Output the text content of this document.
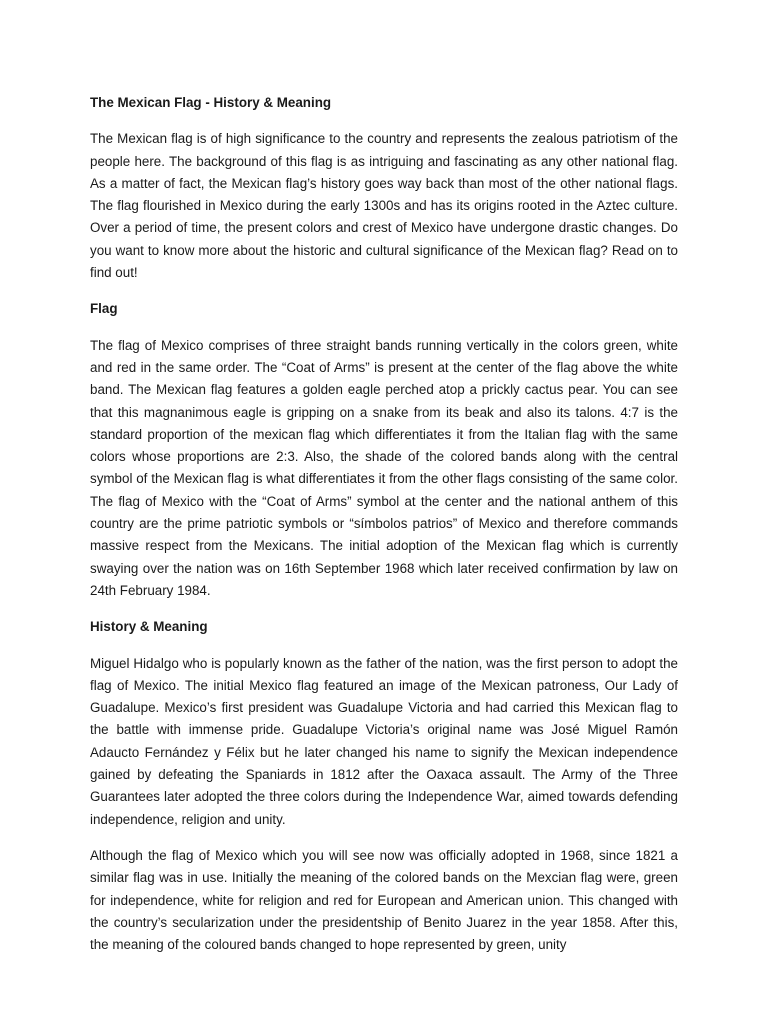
The Mexican Flag - History & Meaning

The Mexican flag is of high significance to the country and represents the zealous patriotism of the people here. The background of this flag is as intriguing and fascinating as any other national flag. As a matter of fact, the Mexican flag’s history goes way back than most of the other national flags. The flag flourished in Mexico during the early 1300s and has its origins rooted in the Aztec culture. Over a period of time, the present colors and crest of Mexico have undergone drastic changes. Do you want to know more about the historic and cultural significance of the Mexican flag? Read on to find out!

Flag

The flag of Mexico comprises of three straight bands running vertically in the colors green, white and red in the same order. The “Coat of Arms” is present at the center of the flag above the white band. The Mexican flag features a golden eagle perched atop a prickly cactus pear. You can see that this magnanimous eagle is gripping on a snake from its beak and also its talons. 4:7 is the standard proportion of the mexican flag which differentiates it from the Italian flag with the same colors whose proportions are 2:3. Also, the shade of the colored bands along with the central symbol of the Mexican flag is what differentiates it from the other flags consisting of the same color. The flag of Mexico with the “Coat of Arms” symbol at the center and the national anthem of this country are the prime patriotic symbols or “símbolos patrios” of Mexico and therefore commands massive respect from the Mexicans. The initial adoption of the Mexican flag which is currently swaying over the nation was on 16th September 1968 which later received confirmation by law on 24th February 1984.

History & Meaning

Miguel Hidalgo who is popularly known as the father of the nation, was the first person to adopt the flag of Mexico. The initial Mexico flag featured an image of the Mexican patroness, Our Lady of Guadalupe. Mexico’s first president was Guadalupe Victoria and had carried this Mexican flag to the battle with immense pride. Guadalupe Victoria’s original name was José Miguel Ramón Adaucto Fernández y Félix but he later changed his name to signify the Mexican independence gained by defeating the Spaniards in 1812 after the Oaxaca assault. The Army of the Three Guarantees later adopted the three colors during the Independence War, aimed towards defending independence, religion and unity.

Although the flag of Mexico which you will see now was officially adopted in 1968, since 1821 a similar flag was in use. Initially the meaning of the colored bands on the Mexcian flag were, green for independence, white for religion and red for European and American union. This changed with the country’s secularization under the presidentship of Benito Juarez in the year 1858. After this, the meaning of the coloured bands changed to hope represented by green, unity
